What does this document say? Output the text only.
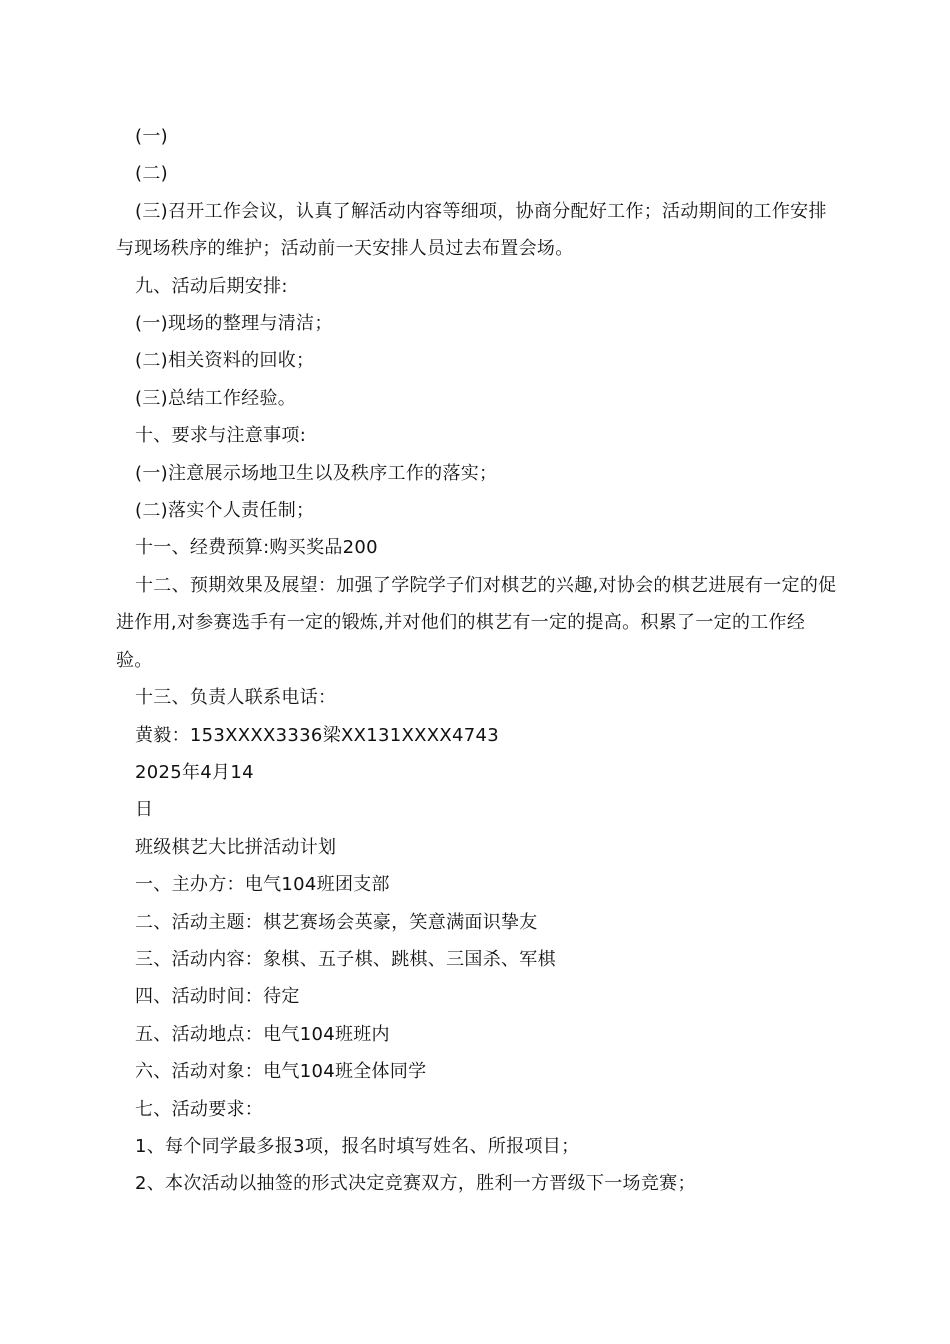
(一)

(二)

(三)召开工作会议，认真了解活动内容等细项，协商分配好工作；活动期间的工作安排与现场秩序的维护；活动前一天安排人员过去布置会场。

九、活动后期安排:

(一)现场的整理与清洁；

(二)相关资料的回收；

(三)总结工作经验。

十、要求与注意事项:

(一)注意展示场地卫生以及秩序工作的落实；

(二)落实个人责任制；

十一、经费预算:购买奖品200

十二、预期效果及展望：加强了学院学子们对棋艺的兴趣,对协会的棋艺进展有一定的促进作用,对参赛选手有一定的锻炼,并对他们的棋艺有一定的提高。积累了一定的工作经验。

十三、负责人联系电话：

黄毅：153XXXX3336梁XX131XXXX4743

2025年4月14

日

班级棋艺大比拼活动计划

一、主办方：电气104班团支部

二、活动主题：棋艺赛场会英豪，笑意满面识挚友

三、活动内容：象棋、五子棋、跳棋、三国杀、军棋

四、活动时间：待定

五、活动地点：电气104班班内

六、活动对象：电气104班全体同学

七、活动要求：

1、每个同学最多报3项，报名时填写姓名、所报项目；

2、本次活动以抽签的形式决定竞赛双方，胜利一方晋级下一场竞赛；
